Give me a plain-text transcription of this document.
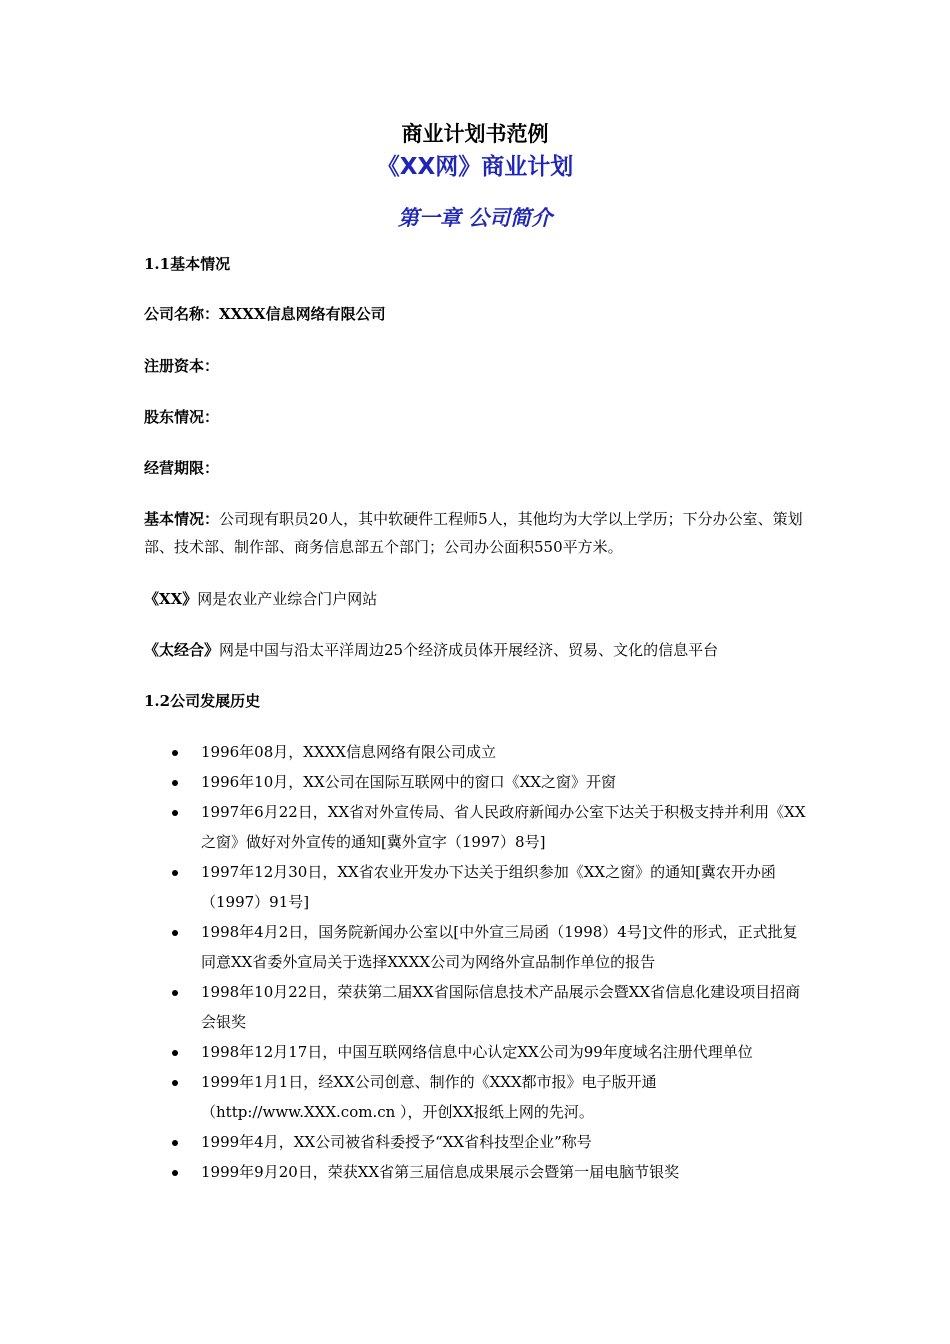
商业计划书范例
《XX网》商业计划
第一章 公司简介
1.1基本情况
公司名称：XXXX信息网络有限公司
注册资本：
股东情况：
经营期限：
基本情况：公司现有职员20人，其中软硬件工程师5人，其他均为大学以上学历；下分办公室、策划部、技术部、制作部、商务信息部五个部门；公司办公面积550平方米。
《XX》网是农业产业综合门户网站
《太经合》网是中国与沿太平洋周边25个经济成员体开展经济、贸易、文化的信息平台
1.2公司发展历史
1996年08月，XXXX信息网络有限公司成立
1996年10月，XX公司在国际互联网中的窗口《XX之窗》开窗
1997年6月22日，XX省对外宣传局、省人民政府新闻办公室下达关于积极支持并利用《XX之窗》做好对外宣传的通知[冀外宣字（1997）8号]
1997年12月30日，XX省农业开发办下达关于组织参加《XX之窗》的通知[冀农开办函（1997）91号]
1998年4月2日，国务院新闻办公室以[中外宣三局函（1998）4号]文件的形式，正式批复同意XX省委外宣局关于选择XXXX公司为网络外宣品制作单位的报告
1998年10月22日，荣获第二届XX省国际信息技术产品展示会暨XX省信息化建设项目招商会银奖
1998年12月17日，中国互联网络信息中心认定XX公司为99年度域名注册代理单位
1999年1月1日，经XX公司创意、制作的《XXX都市报》电子版开通（http://www.XXX.com.cn ），开创XX报纸上网的先河。
1999年4月，XX公司被省科委授予“XX省科技型企业”称号
1999年9月20日，荣获XX省第三届信息成果展示会暨第一届电脑节银奖
